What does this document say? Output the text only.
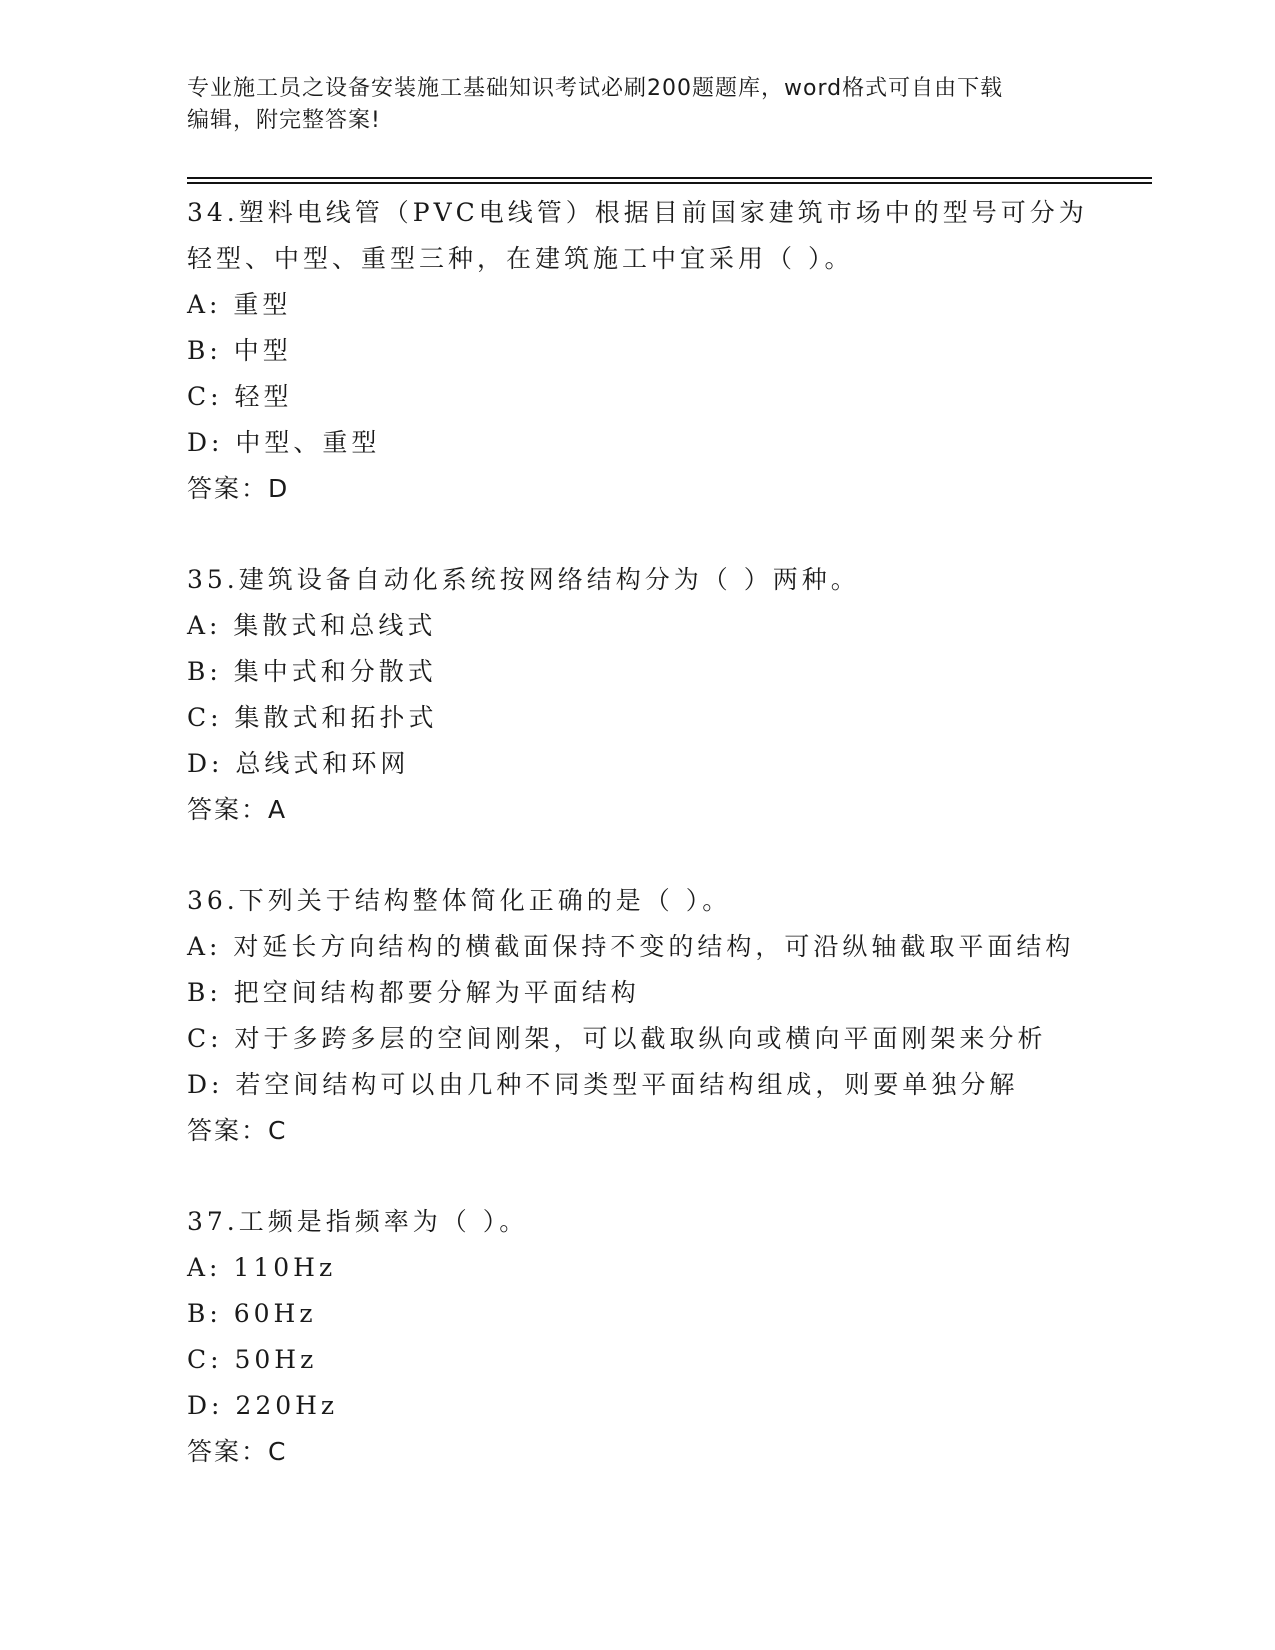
专业施工员之设备安装施工基础知识考试必刷200题题库，word格式可自由下载
编辑，附完整答案!

34.塑料电线管（PVC电线管）根据目前国家建筑市场中的型号可分为
轻型、中型、重型三种，在建筑施工中宜采用（ ）。

A: 重型

B: 中型

C: 轻型

D: 中型、重型

答案：D

35.建筑设备自动化系统按网络结构分为（ ）两种。

A: 集散式和总线式

B: 集中式和分散式

C: 集散式和拓扑式

D: 总线式和环网

答案：A

36.下列关于结构整体简化正确的是（ ）。

A: 对延长方向结构的横截面保持不变的结构，可沿纵轴截取平面结构

B: 把空间结构都要分解为平面结构

C: 对于多跨多层的空间刚架，可以截取纵向或横向平面刚架来分析

D: 若空间结构可以由几种不同类型平面结构组成，则要单独分解

答案：C

37.工频是指频率为（ ）。

A: 110Hz

B: 60Hz

C: 50Hz

D: 220Hz

答案：C
